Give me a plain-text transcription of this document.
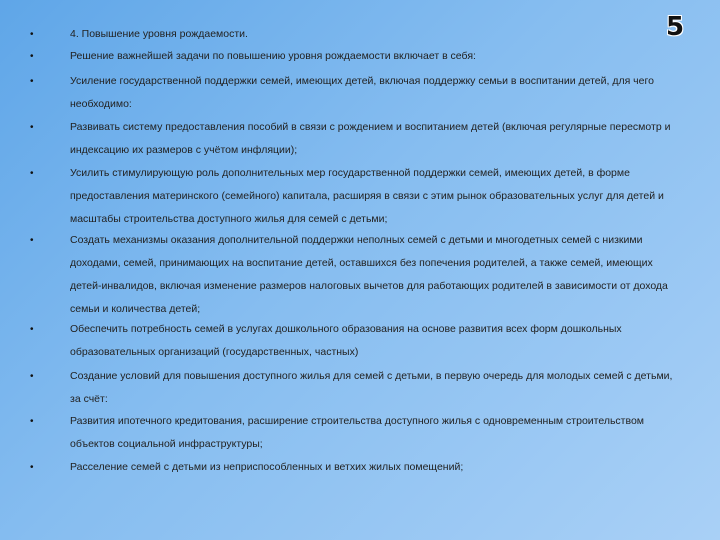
5
•	4. Повышение уровня рождаемости.
•	Решение важнейшей задачи по повышению уровня рождаемости включает в себя:
•	Усиление государственной поддержки семей, имеющих детей, включая поддержку семьи в воспитании детей, для чего необходимо:
•	Развивать систему предоставления пособий в связи с рождением и воспитанием детей (включая регулярные пересмотр и индексацию их размеров с учётом инфляции);
•	Усилить стимулирующую роль дополнительных мер государственной поддержки семей, имеющих детей, в форме предоставления материнского (семейного) капитала, расширяя в связи с этим рынок образовательных услуг для детей и масштабы строительства доступного жилья для семей с детьми;
•	Создать механизмы оказания дополнительной поддержки неполных семей с детьми и многодетных семей с низкими доходами, семей, принимающих на воспитание детей, оставшихся без попечения родителей, а также семей, имеющих детей-инвалидов, включая изменение размеров налоговых вычетов для работающих родителей в зависимости от дохода семьи и количества детей;
•	Обеспечить потребность семей в услугах дошкольного образования на основе развития всех форм дошкольных образовательных организаций (государственных, частных)
•	Создание условий для повышения доступного жилья для семей с детьми, в первую очередь для молодых семей с детьми, за счёт:
•	Развития ипотечного кредитования, расширение строительства доступного жилья с одновременным строительством объектов социальной инфраструктуры;
•	Расселение семей с детьми из неприспособленных и ветхих жилых помещений;
